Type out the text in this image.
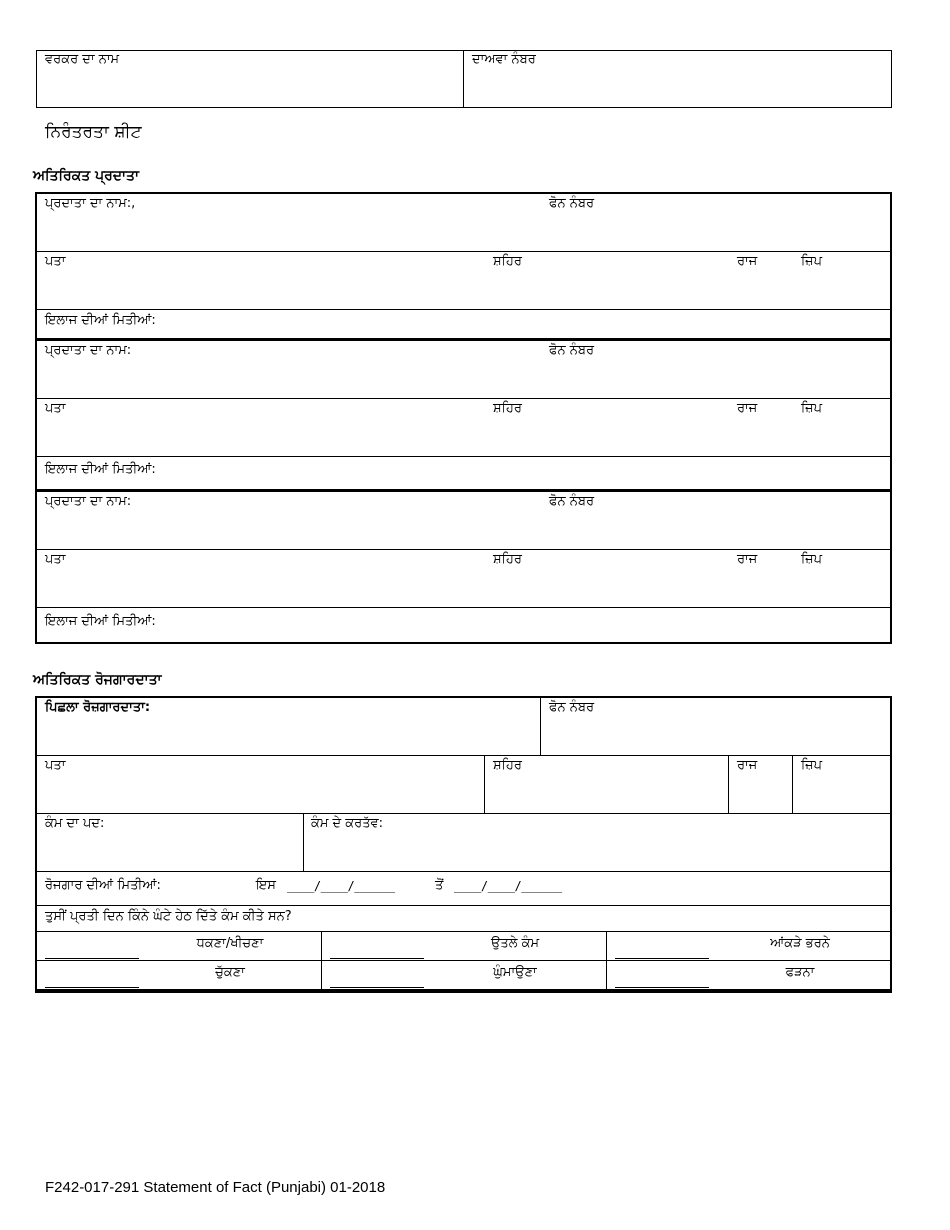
ਵਰਕਰ ਦਾ ਨਾਮ	ਦਾਅਵਾ ਨੰਬਰ
ਨਿਰੰਤਰਤਾ ਸ਼ੀਟ
ਅਤਿਰਿਕਤ ਪ੍ਰਦਾਤਾ
ਪ੍ਰਦਾਤਾ ਦਾ ਨਾਮ:,	ਫੋਨ ਨੰਬਰ
ਪਤਾ	ਸ਼ਹਿਰ	ਰਾਜ	ਜ਼ਿਪ
ਇਲਾਜ ਦੀਆਂ ਮਿਤੀਆਂ:
ਪ੍ਰਦਾਤਾ ਦਾ ਨਾਮ:	ਫੋਨ ਨੰਬਰ
ਪਤਾ	ਸ਼ਹਿਰ	ਰਾਜ	ਜ਼ਿਪ
ਇਲਾਜ ਦੀਆਂ ਮਿਤੀਆਂ:
ਪ੍ਰਦਾਤਾ ਦਾ ਨਾਮ:	ਫੋਨ ਨੰਬਰ
ਪਤਾ	ਸ਼ਹਿਰ	ਰਾਜ	ਜ਼ਿਪ
ਇਲਾਜ ਦੀਆਂ ਮਿਤੀਆਂ:
ਅਤਿਰਿਕਤ ਰੋਜਗਾਰਦਾਤਾ
ਪਿਛਲਾ ਰੋਜ਼ਗਾਰਦਾਤਾ:	ਫੋਨ ਨੰਬਰ
ਪਤਾ	ਸ਼ਹਿਰ	ਰਾਜ	ਜ਼ਿਪ
ਕੰਮ ਦਾ ਪਦ:	ਕੰਮ ਦੇ ਕਰਤੱਵ:
ਰੋਜਗਾਰ ਦੀਆਂ ਮਿਤੀਆਂ:	ਇਸ ____/____/______	ਤੋਂ ____/____/______
ਤੁਸੀਂ ਪ੍ਰਤੀ ਦਿਨ ਕਿੰਨੇ ਘੰਟੇ ਹੇਠ ਦਿੱਤੇ ਕੰਮ ਕੀਤੇ ਸਨ?
ਧਕਣਾ/ਖੀਚਣਾ	ਉਤਲੇ ਕੰਮ	ਆਂਕੜੇ ਭਰਨੇ
ਚੁੱਕਣਾ	ਘੁੰਮਾਉਣਾ	ਫੜਨਾ
F242-017-291 Statement of Fact (Punjabi) 01-2018
